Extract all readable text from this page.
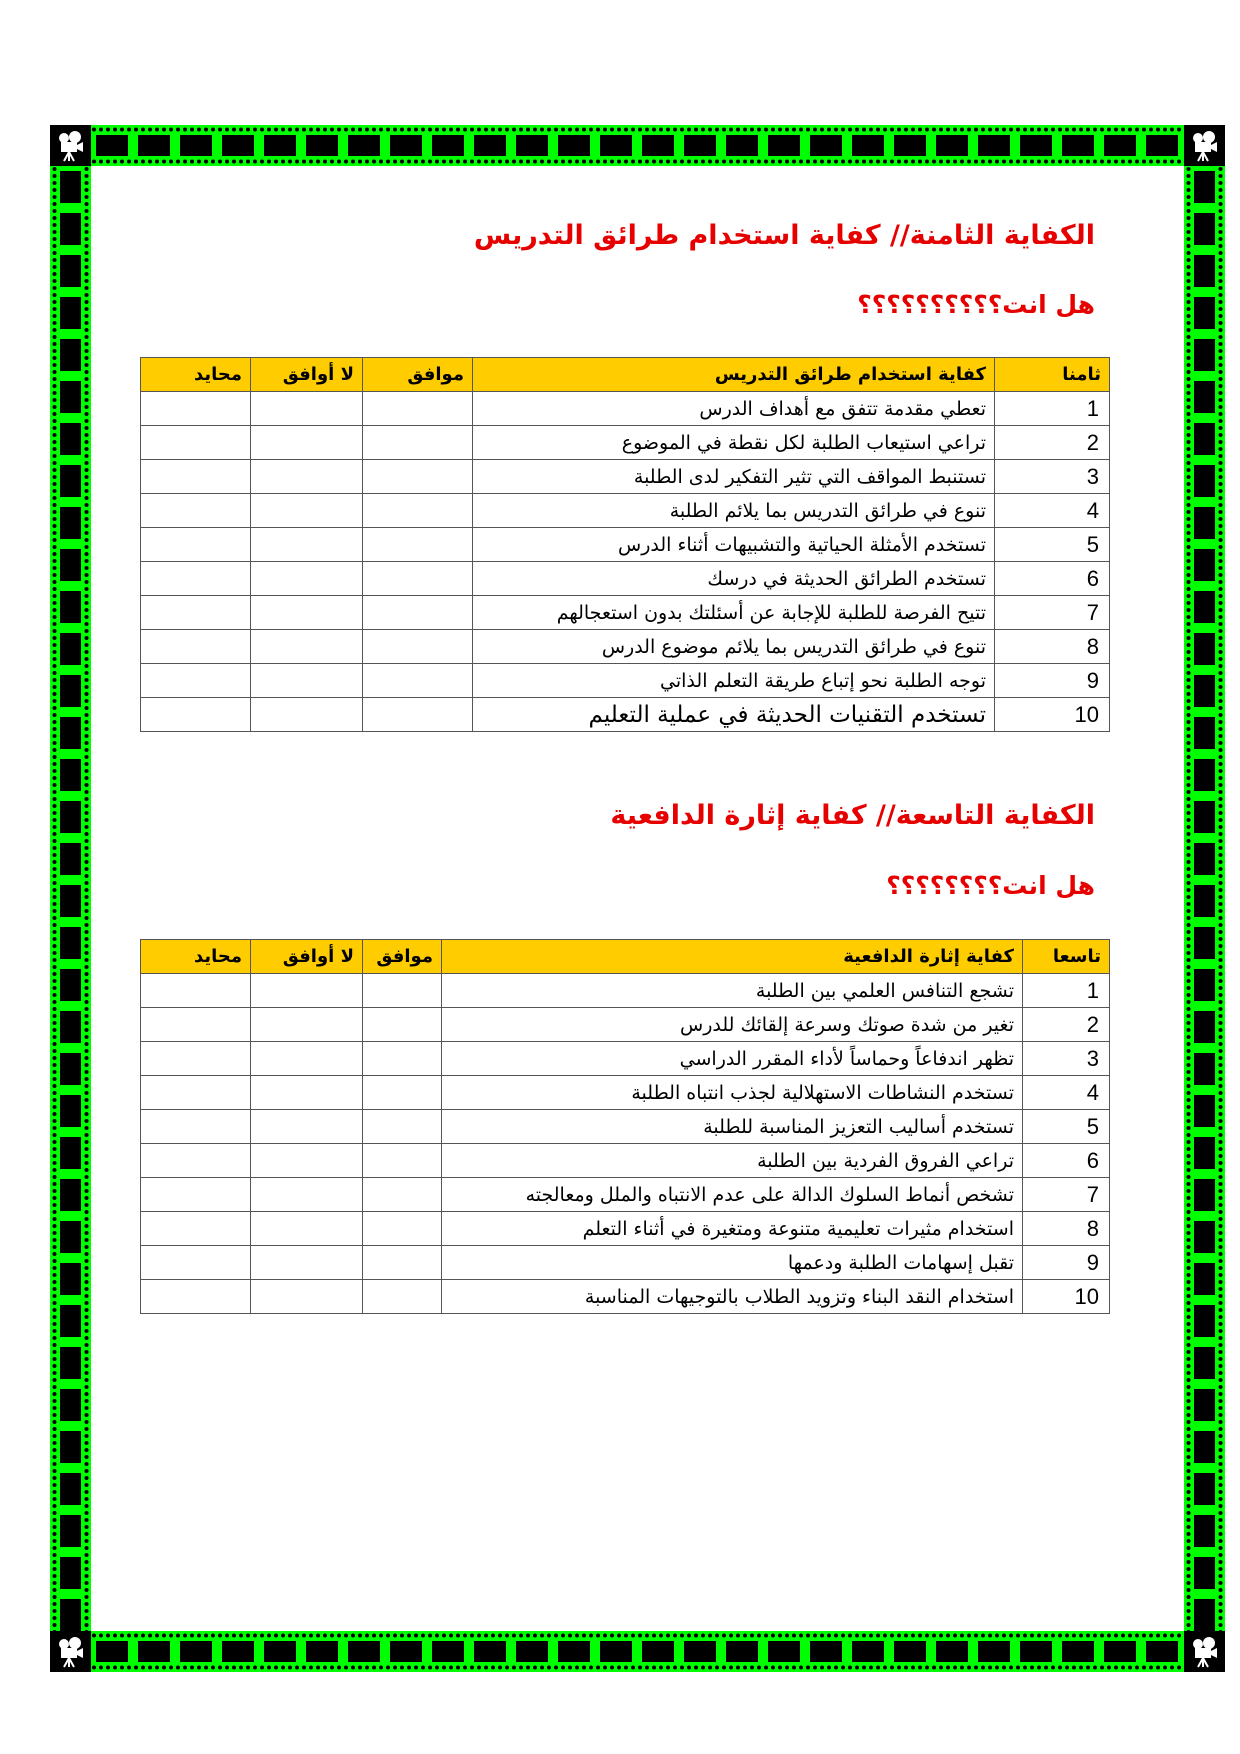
الكفاية الثامنة// كفاية استخدام طرائق التدريس
هل انت؟؟؟؟؟؟؟؟؟؟
ثامنا	كفاية استخدام طرائق التدريس	موافق	لا أوافق	محايد
1	تعطي مقدمة تتفق مع أهداف الدرس			
2	تراعي استيعاب الطلبة لكل نقطة في الموضوع			
3	تستنبط المواقف التي تثير التفكير لدى الطلبة			
4	تنوع في طرائق التدريس بما يلائم الطلبة			
5	تستخدم الأمثلة الحياتية والتشبيهات أثناء الدرس			
6	تستخدم الطرائق الحديثة في درسك			
7	تتيح الفرصة للطلبة للإجابة عن أسئلتك بدون استعجالهم			
8	تنوع في طرائق التدريس بما يلائم موضوع الدرس			
9	توجه الطلبة نحو إتباع طريقة التعلم الذاتي			
10	تستخدم التقنيات الحديثة في عملية التعليم			
الكفاية التاسعة// كفاية إثارة الدافعية
هل انت؟؟؟؟؟؟؟؟
تاسعا	كفاية إثارة الدافعية	موافق	لا أوافق	محايد
1	تشجع التنافس العلمي بين الطلبة			
2	تغير من شدة صوتك وسرعة إلقائك للدرس			
3	تظهر اندفاعاً وحماساً لأداء المقرر الدراسي			
4	تستخدم النشاطات الاستهلالية لجذب انتباه الطلبة			
5	تستخدم أساليب التعزيز المناسبة للطلبة			
6	تراعي الفروق الفردية بين الطلبة			
7	تشخص أنماط السلوك الدالة على عدم الانتباه والملل ومعالجته			
8	استخدام مثيرات تعليمية متنوعة ومتغيرة في أثناء التعلم			
9	تقبل إسهامات الطلبة ودعمها			
10	استخدام النقد البناء وتزويد الطلاب بالتوجيهات المناسبة			
